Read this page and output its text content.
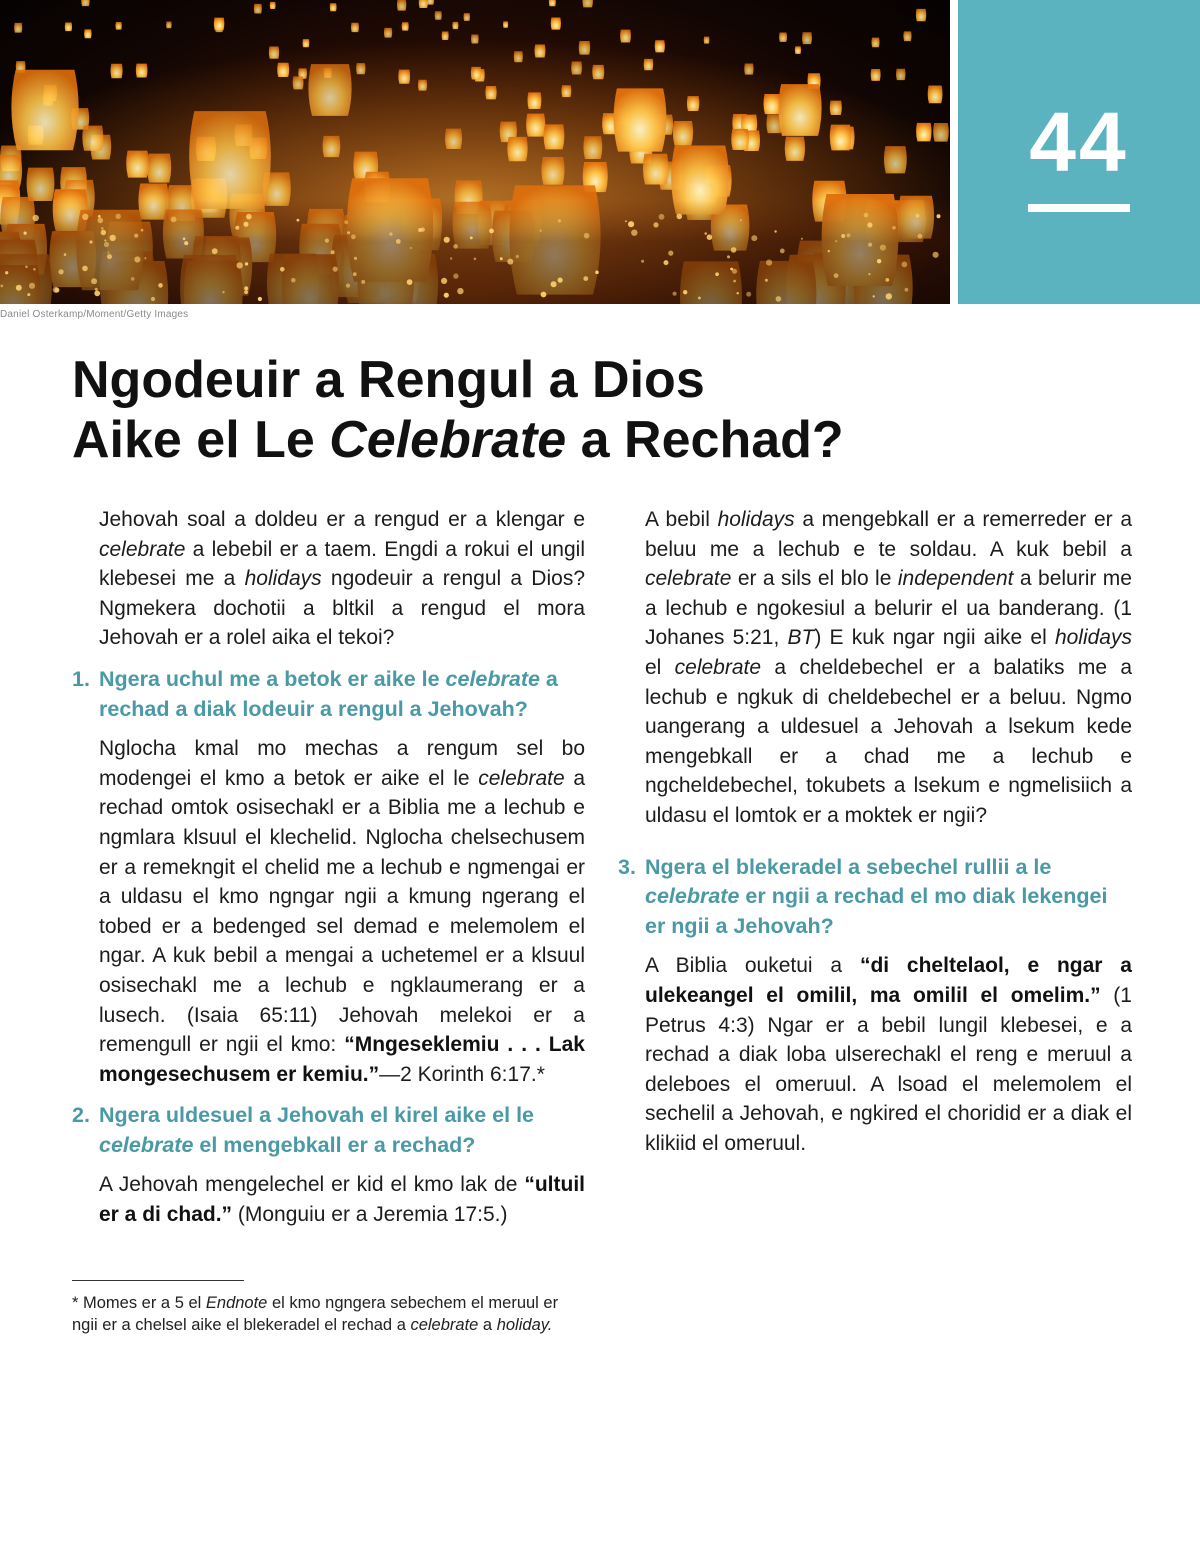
Daniel Osterkamp/Moment/Getty Images
44
Ngodeuir a Rengul a Dios
Aike el Le Celebrate a Rechad?

Jehovah soal a doldeu er a rengud er a klengar e celebrate a lebebil er a taem. Engdi a rokui el ungil klebesei me a holidays ngodeuir a rengul a Dios? Ngmekera dochotii a bltkil a rengud el mora Jehovah er a rolel aika el tekoi?

1. Ngera uchul me a betok er aike le celebrate a rechad a diak lodeuir a rengul a Jehovah?

Nglocha kmal mo mechas a rengum sel bo modengei el kmo a betok er aike el le celebrate a rechad omtok osisechakl er a Biblia me a lechub e ngmlara klsuul el klechelid. Nglocha chelsechusem er a remekngit el chelid me a lechub e ngmengai er a uldasu el kmo ngngar ngii a kmung ngerang el tobed er a bedenged sel demad e melemolem el ngar. A kuk bebil a mengai a uchetemel er a klsuul osisechakl me a lechub e ngklaumerang er a lusech. (Isaia 65:11) Jehovah melekoi er a remengull er ngii el kmo: “Mngeseklemiu . . . Lak mongesechusem er kemiu.”—2 Korinth 6:17.*

2. Ngera uldesuel a Jehovah el kirel aike el le celebrate el mengebkall er a rechad?

A Jehovah mengelechel er kid el kmo lak de “ultuil er a di chad.” (Monguiu er a Jeremia 17:5.)

* Momes er a 5 el Endnote el kmo ngngera sebechem el meruul er ngii er a chelsel aike el blekeradel el rechad a celebrate a holiday.

A bebil holidays a mengebkall er a remerreder er a beluu me a lechub e te soldau. A kuk bebil a celebrate er a sils el blo le independent a belurir me a lechub e ngokesiul a belurir el ua banderang. (1 Johanes 5:21, BT) E kuk ngar ngii aike el holidays el celebrate a cheldebechel er a balatiks me a lechub e ngkuk di cheldebechel er a beluu. Ngmo uangerang a uldesuel a Jehovah a lsekum kede mengebkall er a chad me a lechub e ngcheldebechel, tokubets a lsekum e ngmelisiich a uldasu el lomtok er a moktek er ngii?

3. Ngera el blekeradel a sebechel rullii a le celebrate er ngii a rechad el mo diak lekengei er ngii a Jehovah?

A Biblia ouketui a “di cheltelaol, e ngar a ulekeangel el omilil, ma omilil el omelim.” (1 Petrus 4:3) Ngar er a bebil lungil klebesei, e a rechad a diak loba ulserechakl el reng e meruul a deleboes el omeruul. A lsoad el melemolem el sechelil a Jehovah, e ngkired el choridid er a diak el klikiid el omeruul.
